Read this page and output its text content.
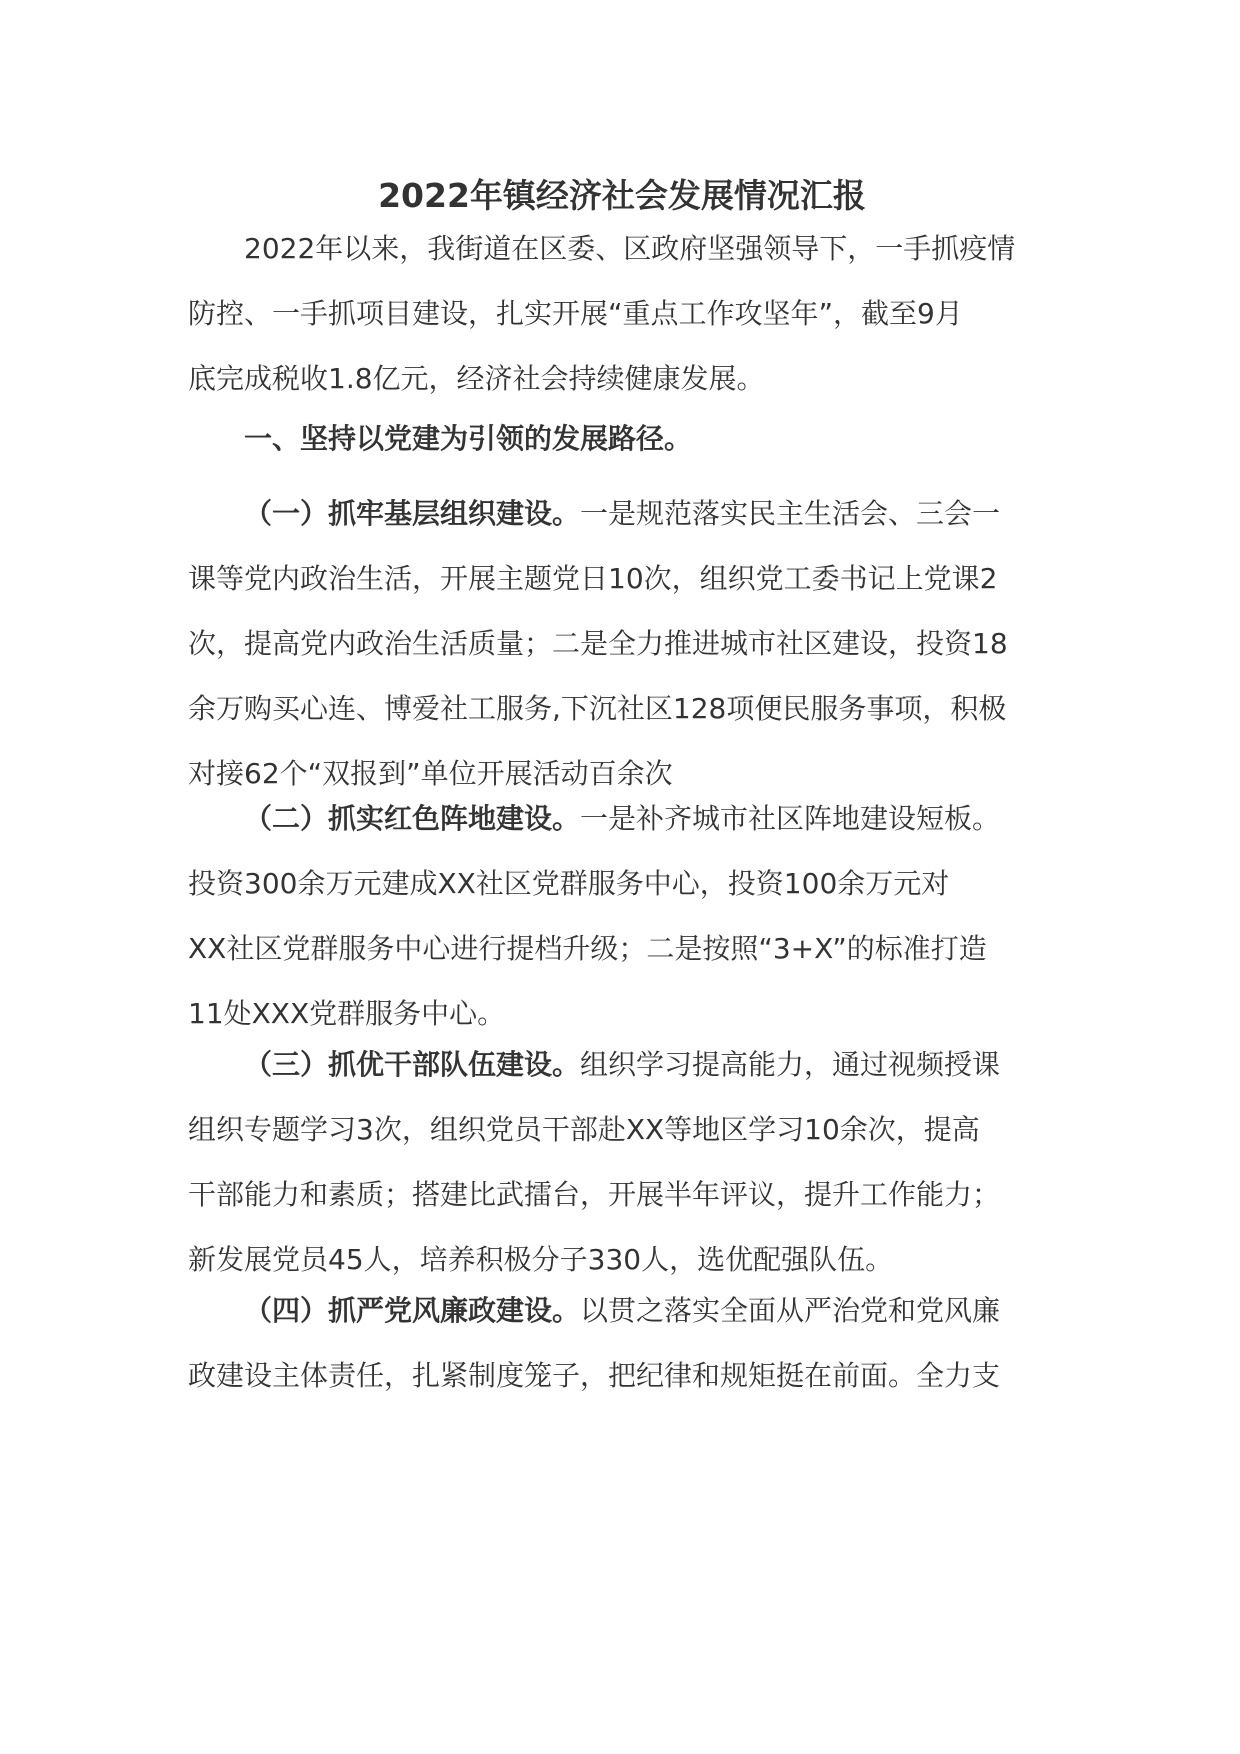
2022年镇经济社会发展情况汇报

2022年以来，我街道在区委、区政府坚强领导下，一手抓疫情
防控、一手抓项目建设，扎实开展“重点工作攻坚年”，截至9月
底完成税收1.8亿元，经济社会持续健康发展。

一、坚持以党建为引领的发展路径。

（一）抓牢基层组织建设。一是规范落实民主生活会、三会一
课等党内政治生活，开展主题党日10次，组织党工委书记上党课2
次，提高党内政治生活质量；二是全力推进城市社区建设，投资18
余万购买心连、博爱社工服务,下沉社区128项便民服务事项，积极
对接62个“双报到”单位开展活动百余次

（二）抓实红色阵地建设。一是补齐城市社区阵地建设短板。
投资300余万元建成XX社区党群服务中心，投资100余万元对
XX社区党群服务中心进行提档升级；二是按照“3+X”的标准打造
11处XXX党群服务中心。

（三）抓优干部队伍建设。组织学习提高能力，通过视频授课
组织专题学习3次，组织党员干部赴XX等地区学习10余次，提高
干部能力和素质；搭建比武擂台，开展半年评议，提升工作能力；
新发展党员45人，培养积极分子330人，选优配强队伍。

（四）抓严党风廉政建设。以贯之落实全面从严治党和党风廉
政建设主体责任，扎紧制度笼子，把纪律和规矩挺在前面。全力支
